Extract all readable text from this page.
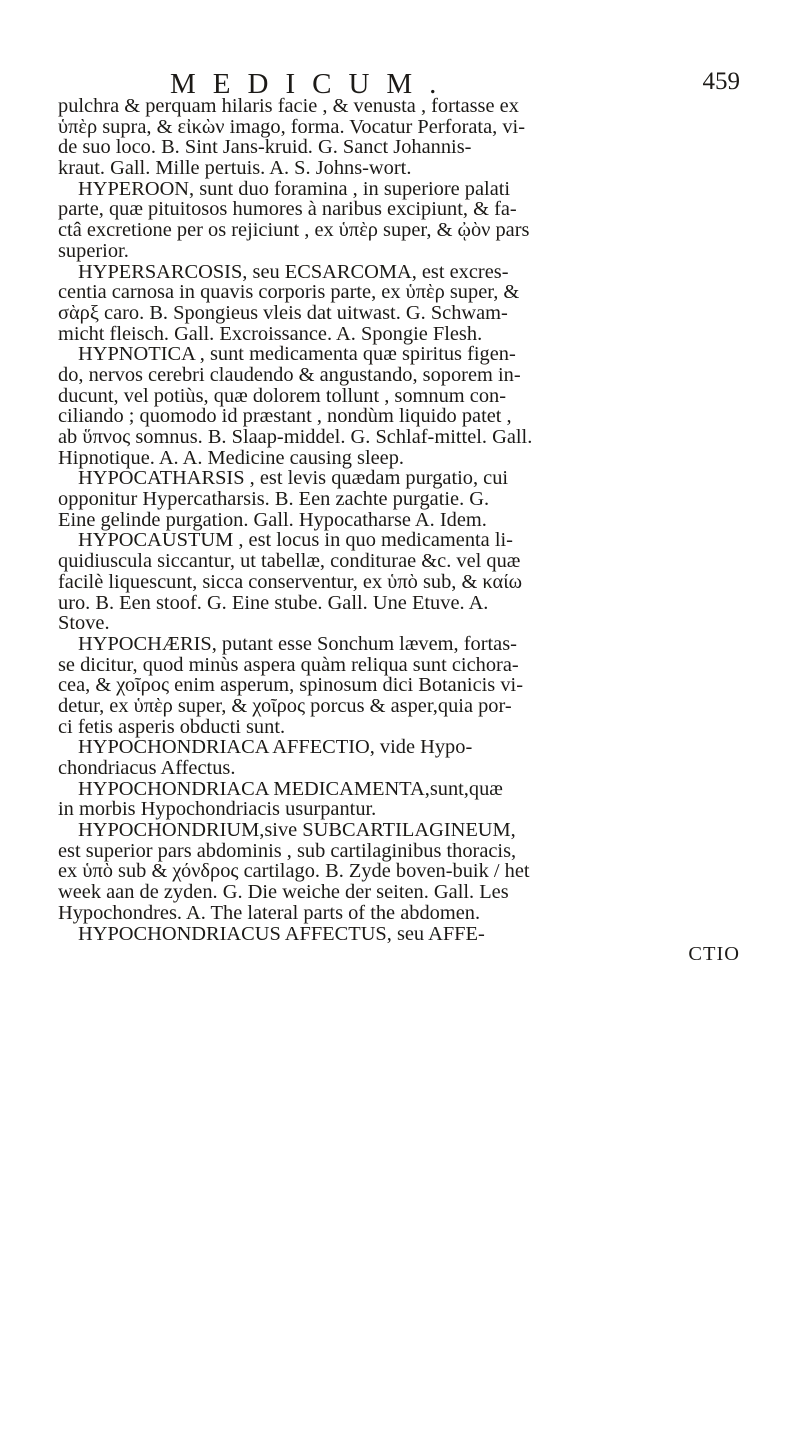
MEDICUM.	459
pulchra & perquam hilaris facie , & venusta , fortasse ex
ὑπὲρ supra, & εἰκὼν imago, forma. Vocatur Perforata, vi-
de suo loco. B. Sint Jans-kruid. G. Sanct Johannis-
kraut. Gall. Mille pertuis. A. S. Johns-wort.
HYPEROON, sunt duo foramina , in superiore palati
parte, quæ pituitosos humores à naribus excipiunt, & fa-
ctâ excretione per os rejiciunt , ex ὑπὲρ super, & ᾠὸν pars
superior.
HYPERSARCOSIS, seu ECSARCOMA, est excres-
centia carnosa in quavis corporis parte, ex ὑπὲρ super, &
σὰρξ caro. B. Spongieus vleis dat uitwast. G. Schwam-
micht fleisch. Gall. Excroissance. A. Spongie Flesh.
HYPNOTICA , sunt medicamenta quæ spiritus figen-
do, nervos cerebri claudendo & angustando, soporem in-
ducunt, vel potiùs, quæ dolorem tollunt , somnum con-
ciliando ; quomodo id præstant , nondùm liquido patet ,
ab ὕπνος somnus. B. Slaap-middel. G. Schlaf-mittel. Gall.
Hipnotique. A. A. Medicine causing sleep.
HYPOCATHARSIS , est levis quædam purgatio, cui
opponitur Hypercatharsis. B. Een zachte purgatie. G.
Eine gelinde purgation. Gall. Hypocatharse A. Idem.
HYPOCAUSTUM , est locus in quo medicamenta li-
quidiuscula siccantur, ut tabellæ, conditurae &c. vel quæ
facilè liquescunt, sicca conserventur, ex ὑπὸ sub, & καίω
uro. B. Een stoof. G. Eine stube. Gall. Une Etuve. A.
Stove.
HYPOCHÆRIS, putant esse Sonchum lævem, fortas-
se dicitur, quod minùs aspera quàm reliqua sunt cichora-
cea, & χοῖρος enim asperum, spinosum dici Botanicis vi-
detur, ex ὑπὲρ super, & χοῖρος porcus & asper,quia por-
ci fetis asperis obducti sunt.
HYPOCHONDRIACA AFFECTIO, vide Hypo-
chondriacus Affectus.
HYPOCHONDRIACA MEDICAMENTA,sunt,quæ
in morbis Hypochondriacis usurpantur.
HYPOCHONDRIUM,sive SUBCARTILAGINEUM,
est superior pars abdominis , sub cartilaginibus thoracis,
ex ὑπὸ sub & χόνδρος cartilago. B. Zyde boven-buik / het
week aan de zyden. G. Die weiche der seiten. Gall. Les
Hypochondres. A. The lateral parts of the abdomen.
HYPOCHONDRIACUS AFFECTUS, seu AFFE-
CTIO
